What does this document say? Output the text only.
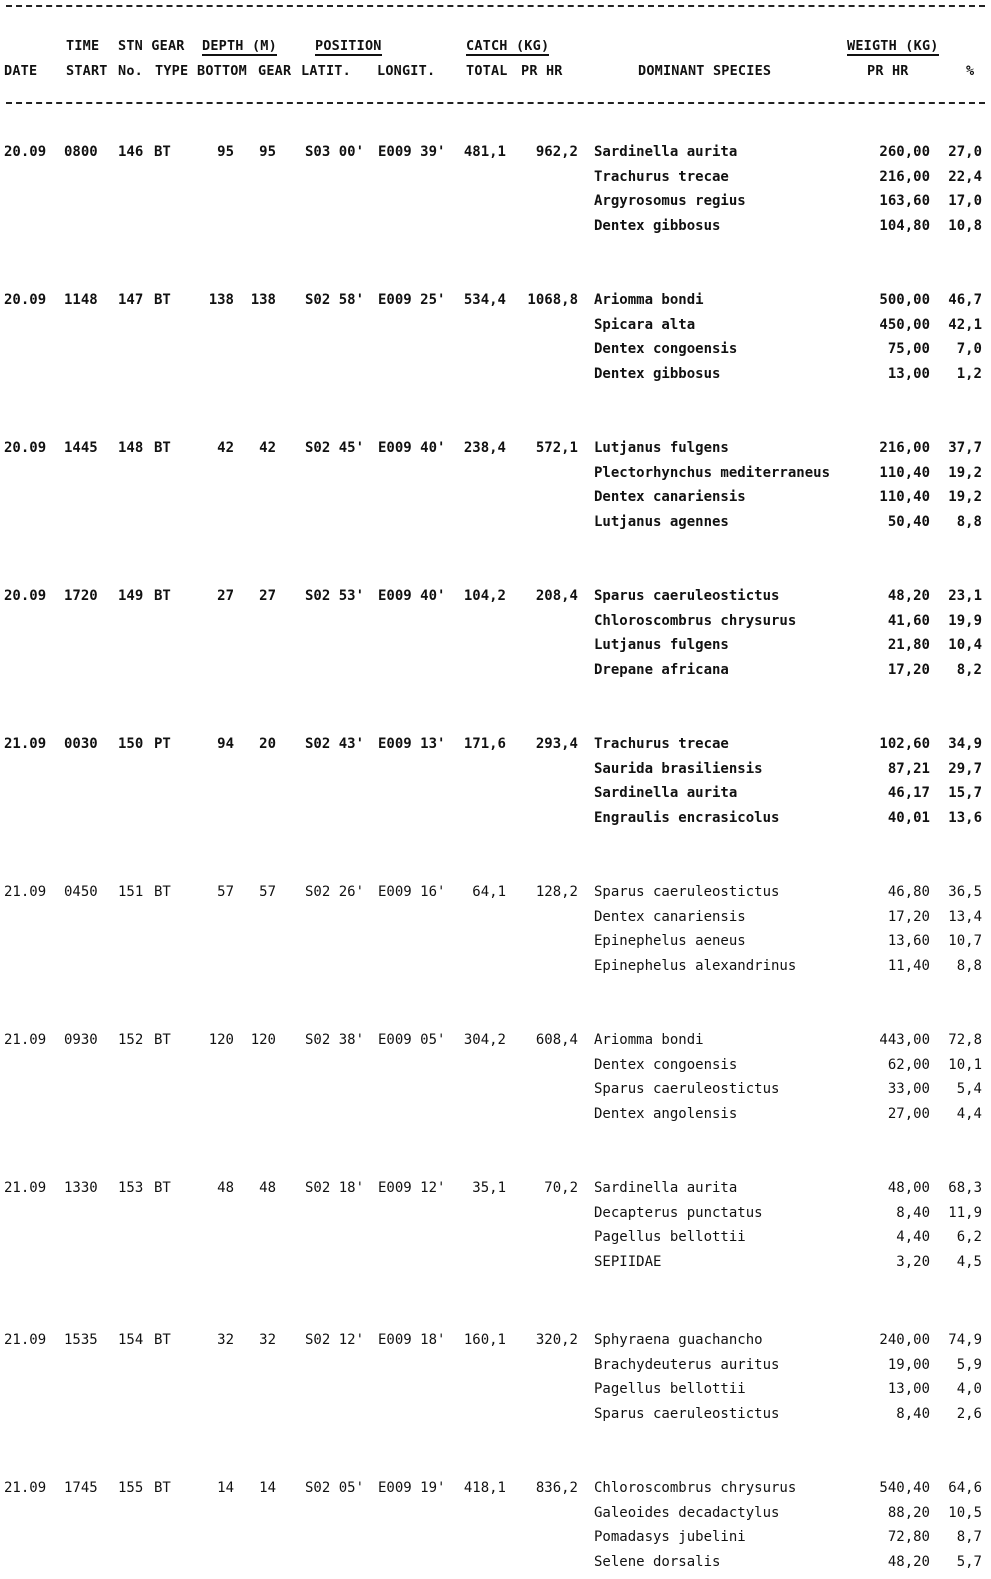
TIME STN GEAR DEPTH (M)	POSITION	CATCH (KG)	WEIGTH (KG)
DATE START No. TYPE BOTTOM GEAR LATIT. LONGIT. TOTAL PR HR	DOMINANT SPECIES	PR HR	%
20.09 0800	146 BT	95	95 S03 00' E009 39'	481,1	962,2 Sardinella aurita	260,00	27,0
Trachurus trecae	216,00	22,4
Argyrosomus regius	163,60	17,0
Dentex gibbosus	104,80	10,8
20.09 1148	147 BT	138	138 S02 58' E009 25'	534,4	1068,8 Ariomma bondi	500,00	46,7
Spicara alta	450,00	42,1
Dentex congoensis	75,00	7,0
Dentex gibbosus	13,00	1,2
20.09 1445	148 BT	42	42 S02 45' E009 40'	238,4	572,1 Lutjanus fulgens	216,00	37,7
Plectorhynchus mediterraneus	110,40	19,2
Dentex canariensis	110,40	19,2
Lutjanus agennes	50,40	8,8
20.09 1720	149 BT	27	27 S02 53' E009 40'	104,2	208,4 Sparus caeruleostictus	48,20	23,1
Chloroscombrus chrysurus	41,60	19,9
Lutjanus fulgens	21,80	10,4
Drepane africana	17,20	8,2
21.09 0030	150 PT	94	20 S02 43' E009 13'	171,6	293,4 Trachurus trecae	102,60	34,9
Saurida brasiliensis	87,21	29,7
Sardinella aurita	46,17	15,7
Engraulis encrasicolus	40,01	13,6
21.09 0450	151 BT	57	57 S02 26' E009 16'	64,1	128,2 Sparus caeruleostictus	46,80	36,5
Dentex canariensis	17,20	13,4
Epinephelus aeneus	13,60	10,7
Epinephelus alexandrinus	11,40	8,8
21.09 0930	152 BT	120	120 S02 38' E009 05'	304,2	608,4 Ariomma bondi	443,00	72,8
Dentex congoensis	62,00	10,1
Sparus caeruleostictus	33,00	5,4
Dentex angolensis	27,00	4,4
21.09 1330	153 BT	48	48 S02 18' E009 12'	35,1	70,2 Sardinella aurita	48,00	68,3
Decapterus punctatus	8,40	11,9
Pagellus bellottii	4,40	6,2
SEPIIDAE	3,20	4,5
21.09 1535	154 BT	32	32 S02 12' E009 18'	160,1	320,2 Sphyraena guachancho	240,00	74,9
Brachydeuterus auritus	19,00	5,9
Pagellus bellottii	13,00	4,0
Sparus caeruleostictus	8,40	2,6
21.09 1745	155 BT	14	14 S02 05' E009 19'	418,1	836,2 Chloroscombrus chrysurus	540,40	64,6
Galeoides decadactylus	88,20	10,5
Pomadasys jubelini	72,80	8,7
Selene dorsalis	48,20	5,7
